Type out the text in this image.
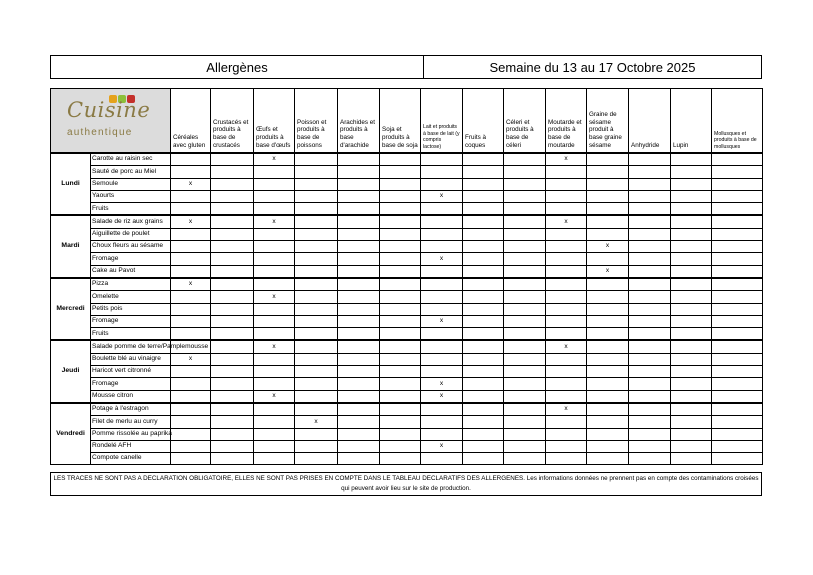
Allergènes	Semaine du 13 au 17 Octobre 2025
Cuisine
authentique		Céréales avec gluten	Crustacés et produits à base de crustacés	Œufs et produits à base d'œufs	Poisson et produits à base de poissons	Arachides et produits à base d'arachide	Soja et produits à base de soja	Lait et produits à base de lait (y compris lactose)	Fruits à coques	Céleri et produits à base de céleri	Moutarde et produits à base de moutarde	Graine de sésame produit à base graine sésame	Anhydride	Lupin	Mollusques et produits à base de mollusques
Lundi	Carotte au raisin sec			x							x				
	Sauté de porc au Miel														
	Semoule	x													
	Yaourts							x							
	Fruits														
Mardi	Salade de riz aux grains	x		x							x				
	Aiguillette de poulet														
	Choux fleurs au sésame											x			
	Fromage							x							
	Cake au Pavot											x			
Mercredi	Pizza	x													
	Omelette			x											
	Petits pois														
	Fromage							x							
	Fruits														
Jeudi	Salade pomme de terre/Pamplemousse			x							x				
	Boulette blé au vinaigre	x													
	Haricot vert citronné														
	Fromage							x							
	Mousse citron			x				x							
Vendredi	Potage à l'estragon										x				
	Filet de merlu au curry				x										
	Pomme rissolée au paprika														
	Rondelé AFH							x							
	Compote canelle														
LES TRACES NE SONT PAS A DECLARATION OBLIGATOIRE, ELLES NE SONT PAS PRISES EN COMPTE DANS LE TABLEAU DECLARATIFS DES ALLERGENES. Les informations données ne prennent pas en compte des contaminations croisées qui peuvent avoir lieu sur le site de production.
